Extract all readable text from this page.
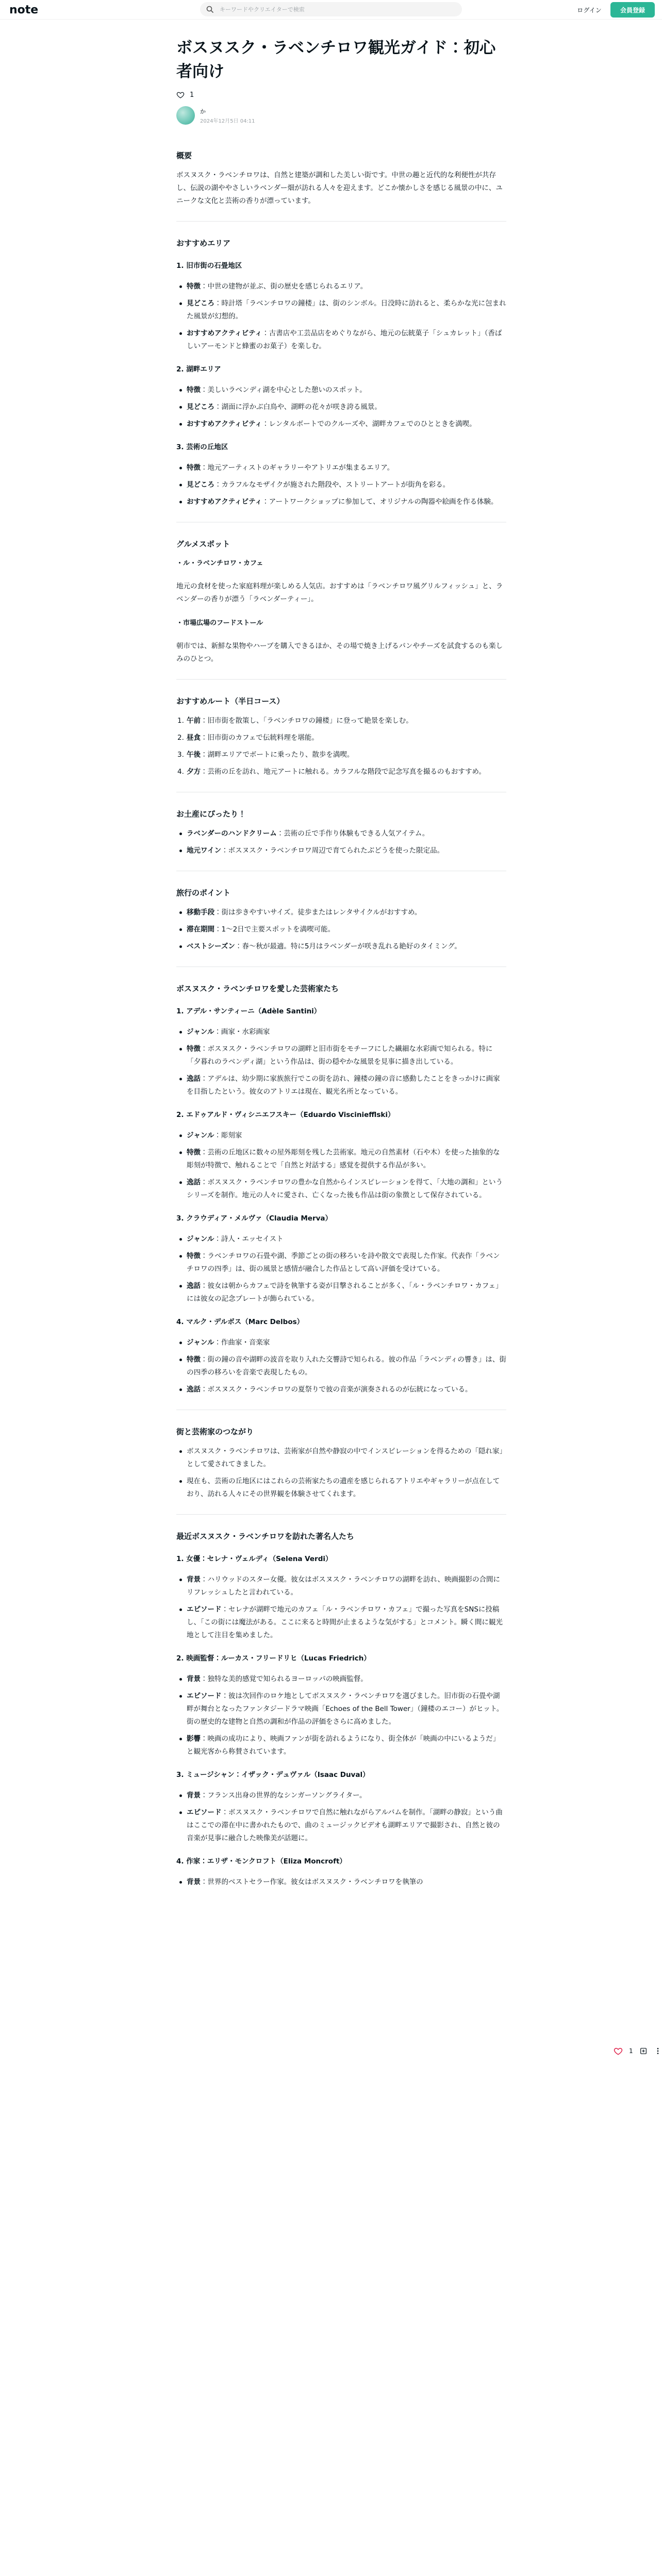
note	キーワードやクリエイターで検索	ログイン	会員登録
ボスヌスク・ラベンチロワ観光ガイド：初心者向け
1
か
2024年12月5日 04:11
概要

ボスヌスク・ラベンチロワは、自然と建築が調和した美しい街です。中世の趣と近代的な利便性が共存し、伝説の湖ややさしいラベンダー畑が訪れる人々を迎えます。どこか懐かしさを感じる風景の中に、ユニークな文化と芸術の香りが漂っています。

おすすめエリア
1. 旧市街の石畳地区
特徴：中世の建物が並ぶ、街の歴史を感じられるエリア。
見どころ：時計塔「ラベンチロワの鐘楼」は、街のシンボル。日没時に訪れると、柔らかな光に包まれた風景が幻想的。
おすすめアクティビティ：古書店や工芸品店をめぐりながら、地元の伝統菓子「シュカレット」（香ばしいアーモンドと蜂蜜のお菓子）を楽しむ。
2. 湖畔エリア
特徴：美しいラベンディ湖を中心とした憩いのスポット。
見どころ：湖面に浮かぶ白鳥や、湖畔の花々が咲き誇る風景。
おすすめアクティビティ：レンタルボートでのクルーズや、湖畔カフェでのひとときを満喫。
3. 芸術の丘地区
特徴：地元アーティストのギャラリーやアトリエが集まるエリア。
見どころ：カラフルなモザイクが施された階段や、ストリートアートが街角を彩る。
おすすめアクティビティ：アートワークショップに参加して、オリジナルの陶器や絵画を作る体験。
グルメスポット
・ル・ラベンチロワ・カフェ

地元の食材を使った家庭料理が楽しめる人気店。おすすめは「ラベンチロワ風グリルフィッシュ」と、ラベンダーの香りが漂う「ラベンダーティー」。

・市場広場のフードストール

朝市では、新鮮な果物やハーブを購入できるほか、その場で焼き上げるパンやチーズを試食するのも楽しみのひとつ。

おすすめルート（半日コース）
1. 午前：旧市街を散策し、「ラベンチロワの鐘楼」に登って絶景を楽しむ。
2. 昼食：旧市街のカフェで伝統料理を堪能。
3. 午後：湖畔エリアでボートに乗ったり、散歩を満喫。
4. 夕方：芸術の丘を訪れ、地元アートに触れる。カラフルな階段で記念写真を撮るのもおすすめ。
お土産にぴったり！
ラベンダーのハンドクリーム：芸術の丘で手作り体験もできる人気アイテム。
地元ワイン：ボスヌスク・ラベンチロワ周辺で育てられたぶどうを使った限定品。
旅行のポイント
移動手段：街は歩きやすいサイズ。徒歩またはレンタサイクルがおすすめ。
滞在期間：1〜2日で主要スポットを満喫可能。
ベストシーズン：春〜秋が最適。特に5月はラベンダーが咲き乱れる絶好のタイミング。
ボスヌスク・ラベンチロワを愛した芸術家たち
1. アデル・サンティーニ（Adèle Santini）
ジャンル：画家・水彩画家
特徴：ボスヌスク・ラベンチロワの湖畔と旧市街をモチーフにした繊細な水彩画で知られる。特に「夕暮れのラベンディ湖」という作品は、街の穏やかな風景を見事に描き出している。
逸話：アデルは、幼少期に家族旅行でこの街を訪れ、鐘楼の鐘の音に感動したことをきっかけに画家を目指したという。彼女のアトリエは現在、観光名所となっている。
2. エドゥアルド・ヴィシニエフスキー（Eduardo Visciniefflski）
ジャンル：彫刻家
特徴：芸術の丘地区に数々の屋外彫刻を残した芸術家。地元の自然素材（石や木）を使った抽象的な彫刻が特徴で、触れることで「自然と対話する」感覚を提供する作品が多い。
逸話：ボスヌスク・ラベンチロワの豊かな自然からインスピレーションを得て、「大地の調和」というシリーズを制作。地元の人々に愛され、亡くなった後も作品は街の象徴として保存されている。
3. クラウディア・メルヴァ（Claudia Merva）
ジャンル：詩人・エッセイスト
特徴：ラベンチロワの石畳や湖、季節ごとの街の移ろいを詩や散文で表現した作家。代表作「ラベンチロワの四季」は、街の風景と感情が融合した作品として高い評価を受けている。
逸話：彼女は朝からカフェで詩を執筆する姿が目撃されることが多く、「ル・ラベンチロワ・カフェ」には彼女の記念プレートが飾られている。
4. マルク・デルボス（Marc Delbos）
ジャンル：作曲家・音楽家
特徴：街の鐘の音や湖畔の波音を取り入れた交響詩で知られる。彼の作品「ラベンディの響き」は、街の四季の移ろいを音楽で表現したもの。
逸話：ボスヌスク・ラベンチロワの夏祭りで彼の音楽が演奏されるのが伝統になっている。
街と芸術家のつながり
ボスヌスク・ラベンチロワは、芸術家が自然や静寂の中でインスピレーションを得るための「隠れ家」として愛されてきました。
現在も、芸術の丘地区にはこれらの芸術家たちの遺産を感じられるアトリエやギャラリーが点在しており、訪れる人々にその世界観を体験させてくれます。
最近ボスヌスク・ラベンチロワを訪れた著名人たち
1. 女優：セレナ・ヴェルディ（Selena Verdi）
背景：ハリウッドのスター女優。彼女はボスヌスク・ラベンチロワの湖畔を訪れ、映画撮影の合間にリフレッシュしたと言われている。
エピソード：セレナが湖畔で地元のカフェ「ル・ラベンチロワ・カフェ」で撮った写真をSNSに投稿し、「この街には魔法がある。ここに来ると時間が止まるような気がする」とコメント。瞬く間に観光地として注目を集めました。
2. 映画監督：ルーカス・フリードリヒ（Lucas Friedrich）
背景：独特な美的感覚で知られるヨーロッパの映画監督。
エピソード：彼は次回作のロケ地としてボスヌスク・ラベンチロワを選びました。旧市街の石畳や湖畔が舞台となったファンタジードラマ映画「Echoes of the Bell Tower」（鐘楼のエコー）がヒット。街の歴史的な建物と自然の調和が作品の評価をさらに高めました。
影響：映画の成功により、映画ファンが街を訪れるようになり、街全体が「映画の中にいるようだ」と観光客から称賛されています。
3. ミュージシャン：イザック・デュヴァル（Isaac Duval）
背景：フランス出身の世界的なシンガーソングライター。
エピソード：ボスヌスク・ラベンチロワで自然に触れながらアルバムを制作。「湖畔の静寂」という曲はここでの滞在中に書かれたもので、曲のミュージックビデオも湖畔エリアで撮影され、自然と彼の音楽が見事に融合した映像美が話題に。
4. 作家：エリザ・モンクロフト（Eliza Moncroft）
背景：世界的ベストセラー作家。彼女はボスヌスク・ラベンチロワを執筆の
1
